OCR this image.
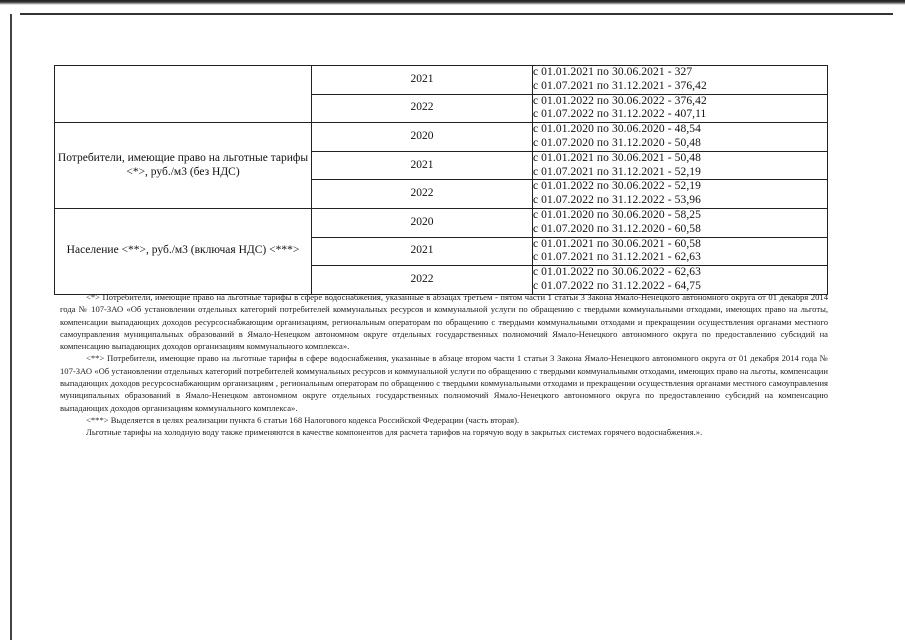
	2021	с 01.01.2021 по 30.06.2021 - 327
с 01.07.2021 по 31.12.2021 - 376,42

	2022	с 01.01.2022 по 30.06.2022 - 376,42
с 01.07.2022 по 31.12.2022 - 407,11

Потребители, имеющие право на льготные тарифы <*>, руб./м3 (без НДС)	2020	с 01.01.2020 по 30.06.2020 - 48,54
с 01.07.2020 по 31.12.2020 - 50,48

	2021	с 01.01.2021 по 30.06.2021 - 50,48
с 01.07.2021 по 31.12.2021 - 52,19

	2022	с 01.01.2022 по 30.06.2022 - 52,19
с 01.07.2022 по 31.12.2022 - 53,96

Население <**>, руб./м3 (включая НДС) <***>	2020	с 01.01.2020 по 30.06.2020 - 58,25
с 01.07.2020 по 31.12.2020 - 60,58

	2021	с 01.01.2021 по 30.06.2021 - 60,58
с 01.07.2021 по 31.12.2021 - 62,63

	2022	с 01.01.2022 по 30.06.2022 - 62,63
с 01.07.2022 по 31.12.2022 - 64,75

<*> Потребители, имеющие право на льготные тарифы в сфере водоснабжения, указанные в абзацах третьем - пятом части 1 статьи 3 Закона Ямало-Ненецкого автономного округа от 01 декабря 2014 года № 107-ЗАО «Об установлении отдельных категорий потребителей коммунальных ресурсов и коммунальной услуги по обращению с твердыми коммунальными отходами, имеющих право на льготы, компенсации выпадающих доходов ресурсоснабжающим организациям, региональным операторам по обращению с твердыми коммунальными отходами и прекращении осуществления органами местного самоуправления муниципальных образований в Ямало-Ненецком автономном округе отдельных государственных полномочий Ямало-Ненецкого автономного округа по предоставлению субсидий на компенсацию выпадающих доходов организациям коммунального комплекса».

<**> Потребители, имеющие право на льготные тарифы в сфере водоснабжения, указанные в абзаце втором части 1 статьи 3 Закона Ямало-Ненецкого автономного округа от 01 декабря 2014 года № 107-ЗАО «Об установлении отдельных категорий потребителей коммунальных ресурсов и коммунальной услуги по обращению с твердыми коммунальными отходами, имеющих право на льготы, компенсации выпадающих доходов ресурсоснабжающим организациям , региональным операторам по обращению с твердыми коммунальными отходами и прекращении осуществления органами местного самоуправления муниципальных образований в Ямало-Ненецком автономном округе отдельных государственных полномочий Ямало-Ненецкого автономного округа по предоставлению субсидий на компенсацию выпадающих доходов организациям коммунального комплекса».

<***> Выделяется в целях реализации пункта 6 статьи 168 Налогового кодекса Российской Федерации (часть вторая).

Льготные тарифы на холодную воду также применяются в качестве компонентов для расчета тарифов на горячую воду в закрытых системах горячего водоснабжения.».
